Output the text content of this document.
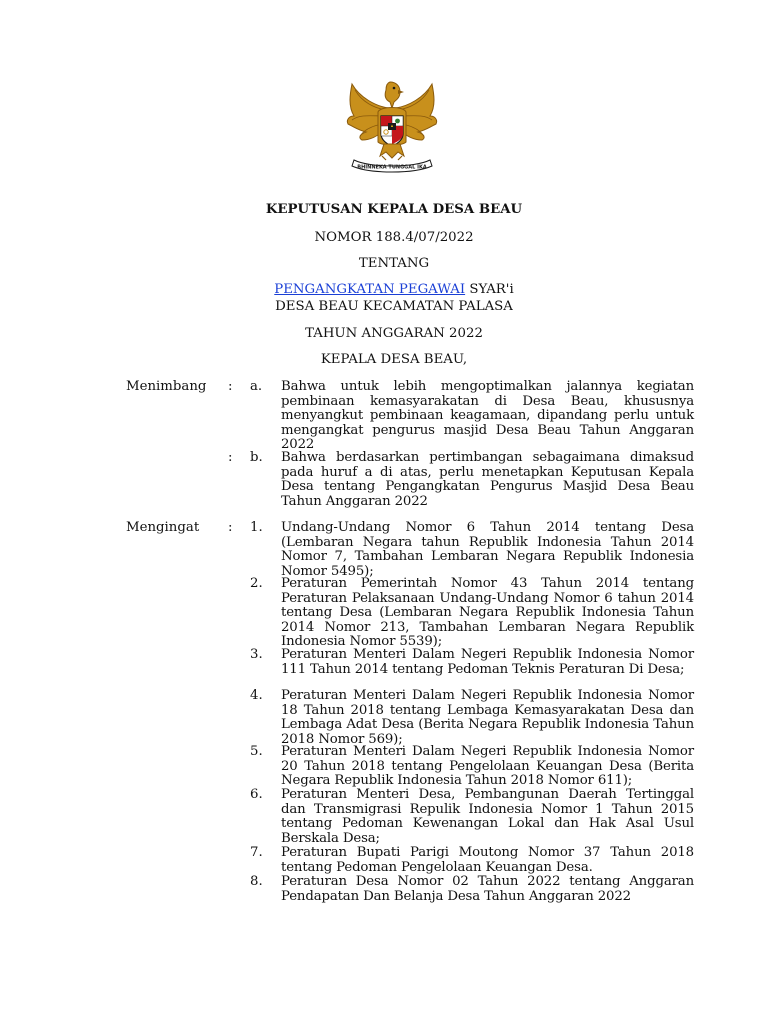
BHINNEKA TUNGGAL IKA
KEPUTUSAN KEPALA DESA BEAU
NOMOR 188.4/07/2022
TENTANG
PENGANGKATAN PEGAWAI SYAR'i
DESA BEAU KECAMATAN PALASA
TAHUN ANGGARAN 2022
KEPALA DESA BEAU,
Menimbang : a. Bahwa untuk lebih mengoptimalkan jalannya kegiatan pembinaan kemasyarakatan di Desa Beau, khususnya menyangkut pembinaan keagamaan, dipandang perlu untuk mengangkat pengurus masjid Desa Beau Tahun Anggaran 2022
: b. Bahwa berdasarkan pertimbangan sebagaimana dimaksud pada huruf a di atas, perlu menetapkan Keputusan Kepala Desa tentang Pengangkatan Pengurus Masjid Desa Beau Tahun Anggaran 2022
Mengingat : 1. Undang-Undang Nomor 6 Tahun 2014 tentang Desa (Lembaran Negara tahun Republik Indonesia Tahun 2014 Nomor 7, Tambahan Lembaran Negara Republik Indonesia Nomor 5495);
2. Peraturan Pemerintah Nomor 43 Tahun 2014 tentang Peraturan Pelaksanaan Undang-Undang Nomor 6 tahun 2014 tentang Desa (Lembaran Negara Republik Indonesia Tahun 2014 Nomor 213, Tambahan Lembaran Negara Republik Indonesia Nomor 5539);
3. Peraturan Menteri Dalam Negeri Republik Indonesia Nomor 111 Tahun 2014 tentang Pedoman Teknis Peraturan Di Desa;
4. Peraturan Menteri Dalam Negeri Republik Indonesia Nomor 18 Tahun 2018 tentang Lembaga Kemasyarakatan Desa dan Lembaga Adat Desa (Berita Negara Republik Indonesia Tahun 2018 Nomor 569);
5. Peraturan Menteri Dalam Negeri Republik Indonesia Nomor 20 Tahun 2018 tentang Pengelolaan Keuangan Desa (Berita Negara Republik Indonesia Tahun 2018 Nomor 611);
6. Peraturan Menteri Desa, Pembangunan Daerah Tertinggal dan Transmigrasi Repulik Indonesia Nomor 1 Tahun 2015 tentang Pedoman Kewenangan Lokal dan Hak Asal Usul Berskala Desa;
7. Peraturan Bupati Parigi Moutong Nomor 37 Tahun 2018 tentang Pedoman Pengelolaan Keuangan Desa.
8. Peraturan Desa Nomor 02 Tahun 2022 tentang Anggaran Pendapatan Dan Belanja Desa Tahun Anggaran 2022
